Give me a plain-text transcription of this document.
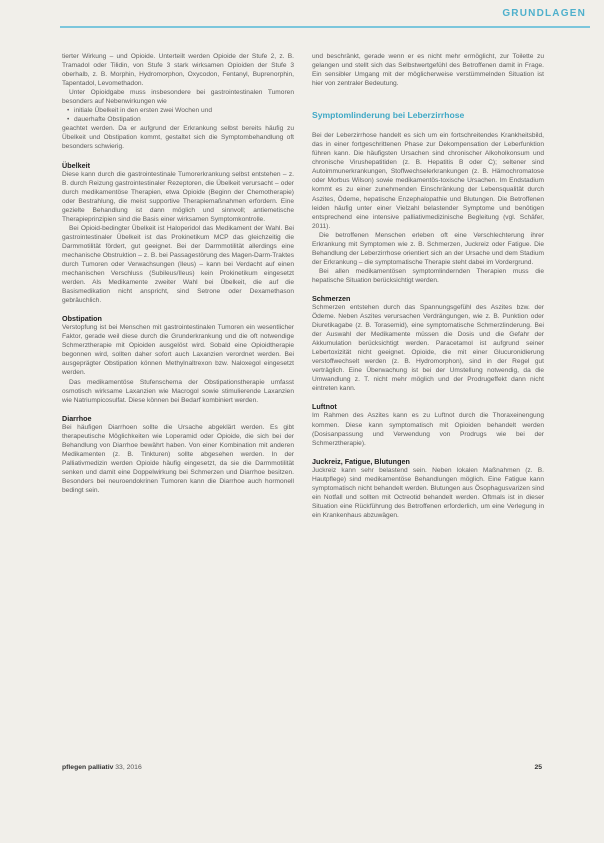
GRUNDLAGEN

tierter Wirkung – und Opioide. Unterteilt werden Opioide der Stufe 2, z. B. Tramadol oder Tilidin, von Stufe 3 stark wirksamen Opioiden der Stufe 3 oberhalb, z. B. Morphin, Hydromorphon, Oxycodon, Fentanyl, Buprenorphin, Tapentadol, Levomethadon.

Unter Opioidgabe muss insbesondere bei gastrointestinalen Tumoren besonders auf Nebenwirkungen wie

• initiale Übelkeit in den ersten zwei Wochen und
• dauerhafte Obstipation

geachtet werden. Da er aufgrund der Erkrankung selbst bereits häufig zu Übelkeit und Obstipation kommt, gestaltet sich die Symptombehandlung oft besonders schwierig.

Übelkeit

Diese kann durch die gastrointestinale Tumorerkrankung selbst entstehen – z. B. durch Reizung gastrointestinaler Rezeptoren, die Übelkeit verursacht – oder durch medikamentöse Therapien, etwa Opioide (Beginn der Chemotherapie) oder Bestrahlung, die meist supportive Therapiemaßnahmen erfordern. Eine gezielte Behandlung ist dann möglich und sinnvoll; antiemetische Therapieprinzipien sind die Basis einer wirksamen Symptomkontrolle.

Bei Opioid-bedingter Übelkeit ist Haloperidol das Medikament der Wahl. Bei gastrointestinaler Übelkeit ist das Prokinetikum MCP das gleichzeitig die Darmmotilität fördert, gut geeignet. Bei der Darmmotilität allerdings eine mechanische Obstruktion – z. B. bei Passagestörung des Magen-Darm-Traktes durch Tumoren oder Verwachsungen (Ileus) – kann bei Verdacht auf einen mechanischen Verschluss (Subileus/Ileus) kein Prokinetikum eingesetzt werden. Als Medikamente zweiter Wahl bei Übelkeit, die auf die Basismedikation nicht anspricht, sind Setrone oder Dexamethason gebräuchlich.

Obstipation

Verstopfung ist bei Menschen mit gastrointestinalen Tumoren ein wesentlicher Faktor, gerade weil diese durch die Grunderkrankung und die oft notwendige Schmerztherapie mit Opioiden ausgelöst wird. Sobald eine Opioidtherapie begonnen wird, sollten daher sofort auch Laxanzien verordnet werden. Bei ausgeprägter Obstipation können Methylnaltrexon bzw. Naloxegol eingesetzt werden.

Das medikamentöse Stufenschema der Obstipationstherapie umfasst osmotisch wirksame Laxanzien wie Macrogol sowie stimulierende Laxanzien wie Natriumpicosulfat. Diese können bei Bedarf kombiniert werden.

Diarrhoe

Bei häufigen Diarrhoen sollte die Ursache abgeklärt werden. Es gibt therapeutische Möglichkeiten wie Loperamid oder Opioide, die sich bei der Behandlung von Diarrhoe bewährt haben. Von einer Kombination mit anderen Medikamenten (z. B. Tinkturen) sollte abgesehen werden. In der Palliativmedizin werden Opioide häufig eingesetzt, da sie die Darmmotilität senken und damit eine Doppelwirkung bei Schmerzen und Diarrhoe besitzen. Besonders bei neuroendokrinen Tumoren kann die Diarrhoe auch hormonell bedingt sein.

und beschränkt, gerade wenn er es nicht mehr ermöglicht, zur Toilette zu gelangen und stellt sich das Selbstwertgefühl des Betroffenen damit in Frage. Ein sensibler Umgang mit der möglicherweise verstümmelnden Situation ist hier von zentraler Bedeutung.

Symptomlinderung bei Leberzirrhose

Bei der Leberzirrhose handelt es sich um ein fortschreitendes Krankheitsbild, das in einer fortgeschrittenen Phase zur Dekompensation der Leberfunktion führen kann. Die häufigsten Ursachen sind chronischer Alkoholkonsum und chronische Virushepatitiden (z. B. Hepatitis B oder C); seltener sind Autoimmunerkrankungen, Stoffwechselerkrankungen (z. B. Hämochromatose oder Morbus Wilson) sowie medikamentös-toxische Ursachen. Im Endstadium kommt es zu einer zunehmenden Einschränkung der Lebensqualität durch Aszites, Ödeme, hepatische Enzephalopathie und Blutungen. Die Betroffenen leiden häufig unter einer Vielzahl belastender Symptome und benötigen entsprechend eine intensive palliativmedizinische Begleitung (vgl. Schäfer, 2011).

Die betroffenen Menschen erleben oft eine Verschlechterung ihrer Erkrankung mit Symptomen wie z. B. Schmerzen, Juckreiz oder Fatigue. Die Behandlung der Leberzirrhose orientiert sich an der Ursache und dem Stadium der Erkrankung – die symptomatische Therapie steht dabei im Vordergrund.

Bei allen medikamentösen symptomlindernden Therapien muss die hepatische Situation berücksichtigt werden.

Schmerzen

Schmerzen entstehen durch das Spannungsgefühl des Aszites bzw. der Ödeme. Neben Aszites verursachen Verdrängungen, wie z. B. Punktion oder Diuretikagabe (z. B. Torasemid), eine symptomatische Schmerzlinderung. Bei der Auswahl der Medikamente müssen die Dosis und die Gefahr der Akkumulation berücksichtigt werden. Paracetamol ist aufgrund seiner Lebertoxizität nicht geeignet. Opioide, die mit einer Glucuronidierung verstoffwechselt werden (z. B. Hydromorphon), sind in der Regel gut verträglich. Eine Überwachung ist bei der Umstellung notwendig, da die Umwandlung z. T. nicht mehr möglich und der Prodrugeffekt dann nicht eintreten kann.

Luftnot

Im Rahmen des Aszites kann es zu Luftnot durch die Thoraxeinengung kommen. Diese kann symptomatisch mit Opioiden behandelt werden (Dosisanpassung und Verwendung von Prodrugs wie bei der Schmerztherapie).

Juckreiz, Fatigue, Blutungen

Juckreiz kann sehr belastend sein. Neben lokalen Maßnahmen (z. B. Hautpflege) sind medikamentöse Behandlungen möglich. Eine Fatigue kann symptomatisch nicht behandelt werden. Blutungen aus Ösophagusvarizen sind ein Notfall und sollten mit Octreotid behandelt werden. Oftmals ist in dieser Situation eine Rückführung des Betroffenen erforderlich, um eine Verlegung in ein Krankenhaus abzuwägen.

pflegen palliativ 33, 2016	25
